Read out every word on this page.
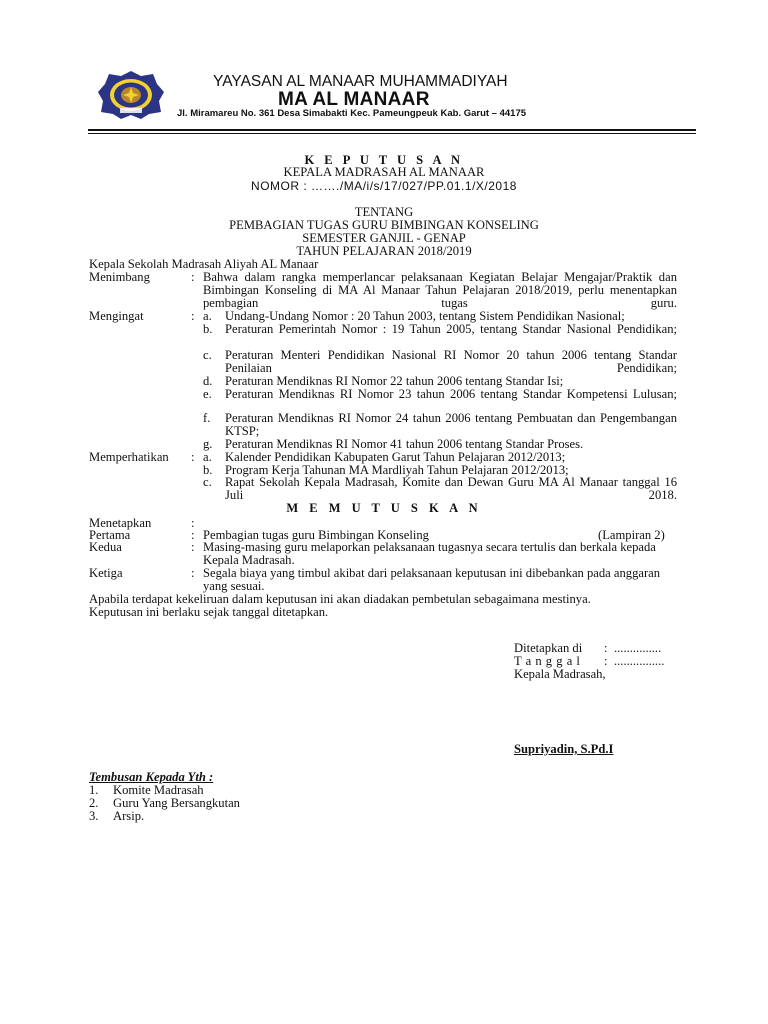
YAYASAN AL MANAAR MUHAMMADIYAH
MA AL MANAAR
Jl. Miramareu No. 361 Desa Simabakti Kec. Pameungpeuk Kab. Garut – 44175
K E P U T U S A N
KEPALA MADRASAH AL MANAAR
NOMOR : ……./MA/i/s/17/027/PP.01.1/X/2018
TENTANG
PEMBAGIAN TUGAS GURU BIMBINGAN KONSELING
SEMESTER GANJIL - GENAP
TAHUN PELAJARAN 2018/2019
Kepala Sekolah Madrasah Aliyah AL Manaar
Menimbang	: Bahwa dalam rangka memperlancar pelaksanaan Kegiatan Belajar Mengajar/Praktik dan Bimbingan Konseling di MA Al Manaar Tahun Pelajaran 2018/2019, perlu menentapkan pembagian tugas guru.
Mengingat	: a. Undang-Undang Nomor : 20 Tahun 2003, tentang Sistem Pendidikan Nasional;
b. Peraturan Pemerintah Nomor : 19 Tahun 2005, tentang Standar Nasional Pendidikan;
c. Peraturan Menteri Pendidikan Nasional RI Nomor 20 tahun 2006 tentang Standar Penilaian Pendidikan;
d. Peraturan Mendiknas RI Nomor 22 tahun 2006 tentang Standar Isi;
e. Peraturan Mendiknas RI Nomor 23 tahun 2006 tentang Standar Kompetensi Lulusan;
f. Peraturan Mendiknas RI Nomor 24 tahun 2006 tentang Pembuatan dan Pengembangan KTSP;
g. Peraturan Mendiknas RI Nomor 41 tahun 2006 tentang Standar Proses.
Memperhatikan : a. Kalender Pendidikan Kabupaten Garut Tahun Pelajaran 2012/2013;
b. Program Kerja Tahunan MA Mardliyah Tahun Pelajaran 2012/2013;
c. Rapat Sekolah Kepala Madrasah, Komite dan Dewan Guru MA Al Manaar tanggal 16 Juli 2018.
M E M U T U S K A N
Menetapkan	:
Pertama	: Pembagian tugas guru Bimbingan Konseling	(Lampiran 2)
Kedua	: Masing-masing guru melaporkan pelaksanaan tugasnya secara tertulis dan berkala kepada Kepala Madrasah.
Ketiga	: Segala biaya yang timbul akibat dari pelaksanaan keputusan ini dibebankan pada anggaran yang sesuai.
Apabila terdapat kekeliruan dalam keputusan ini akan diadakan pembetulan sebagaimana mestinya.
Keputusan ini berlaku sejak tanggal ditetapkan.
Ditetapkan di : ...............
T a n g g a l : ................
Kepala Madrasah,
Supriyadin, S.Pd.I
Tembusan Kepada Yth :
1. Komite Madrasah
2. Guru Yang Bersangkutan
3. Arsip.
